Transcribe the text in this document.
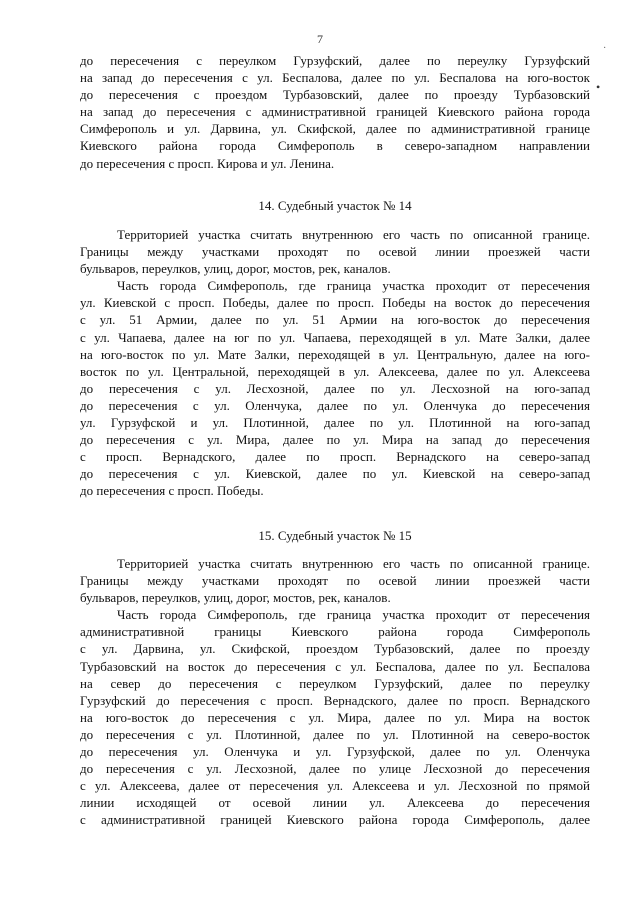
7
·
•
до пересечения с переулком Гурзуфский, далее по переулку Гурзуфский
на запад до пересечения с ул. Беспалова, далее по ул. Беспалова на юго-восток
до пересечения с проездом Турбазовский, далее по проезду Турбазовский
на запад до пересечения с административной границей Киевского района города
Симферополь и ул. Дарвина, ул. Скифской, далее по административной границе
Киевского района города Симферополь в северо-западном направлении
до пересечения с просп. Кирова и ул. Ленина.
14. Судебный участок № 14
Территорией участка считать внутреннюю его часть по описанной границе.
Границы между участками проходят по осевой линии проезжей части
бульваров, переулков, улиц, дорог, мостов, рек, каналов.
Часть города Симферополь, где граница участка проходит от пересечения
ул. Киевской с просп. Победы, далее по просп. Победы на восток до пересечения
с ул. 51 Армии, далее по ул. 51 Армии на юго-восток до пересечения
с ул. Чапаева, далее на юг по ул. Чапаева, переходящей в ул. Мате Залки, далее
на юго-восток по ул. Мате Залки, переходящей в ул. Центральную, далее на юго-
восток по ул. Центральной, переходящей в ул. Алексеева, далее по ул. Алексеева
до пересечения с ул. Лесхозной, далее по ул. Лесхозной на юго-запад
до пересечения с ул. Оленчука, далее по ул. Оленчука до пересечения
ул. Гурзуфской и ул. Плотинной, далее по ул. Плотинной на юго-запад
до пересечения с ул. Мира, далее по ул. Мира на запад до пересечения
с просп. Вернадского, далее по просп. Вернадского на северо-запад
до пересечения с ул. Киевской, далее по ул. Киевской на северо-запад
до пересечения с просп. Победы.
15. Судебный участок № 15
Территорией участка считать внутреннюю его часть по описанной границе.
Границы между участками проходят по осевой линии проезжей части
бульваров, переулков, улиц, дорог, мостов, рек, каналов.
Часть города Симферополь, где граница участка проходит от пересечения
административной границы Киевского района города Симферополь
с ул. Дарвина, ул. Скифской, проездом Турбазовский, далее по проезду
Турбазовский на восток до пересечения с ул. Беспалова, далее по ул. Беспалова
на север до пересечения с переулком Гурзуфский, далее по переулку
Гурзуфский до пересечения с просп. Вернадского, далее по просп. Вернадского
на юго-восток до пересечения с ул. Мира, далее по ул. Мира на восток
до пересечения с ул. Плотинной, далее по ул. Плотинной на северо-восток
до пересечения ул. Оленчука и ул. Гурзуфской, далее по ул. Оленчука
до пересечения с ул. Лесхозной, далее по улице Лесхозной до пересечения
с ул. Алексеева, далее от пересечения ул. Алексеева и ул. Лесхозной по прямой
линии исходящей от осевой линии ул. Алексеева до пересечения
с административной границей Киевского района города Симферополь, далее
